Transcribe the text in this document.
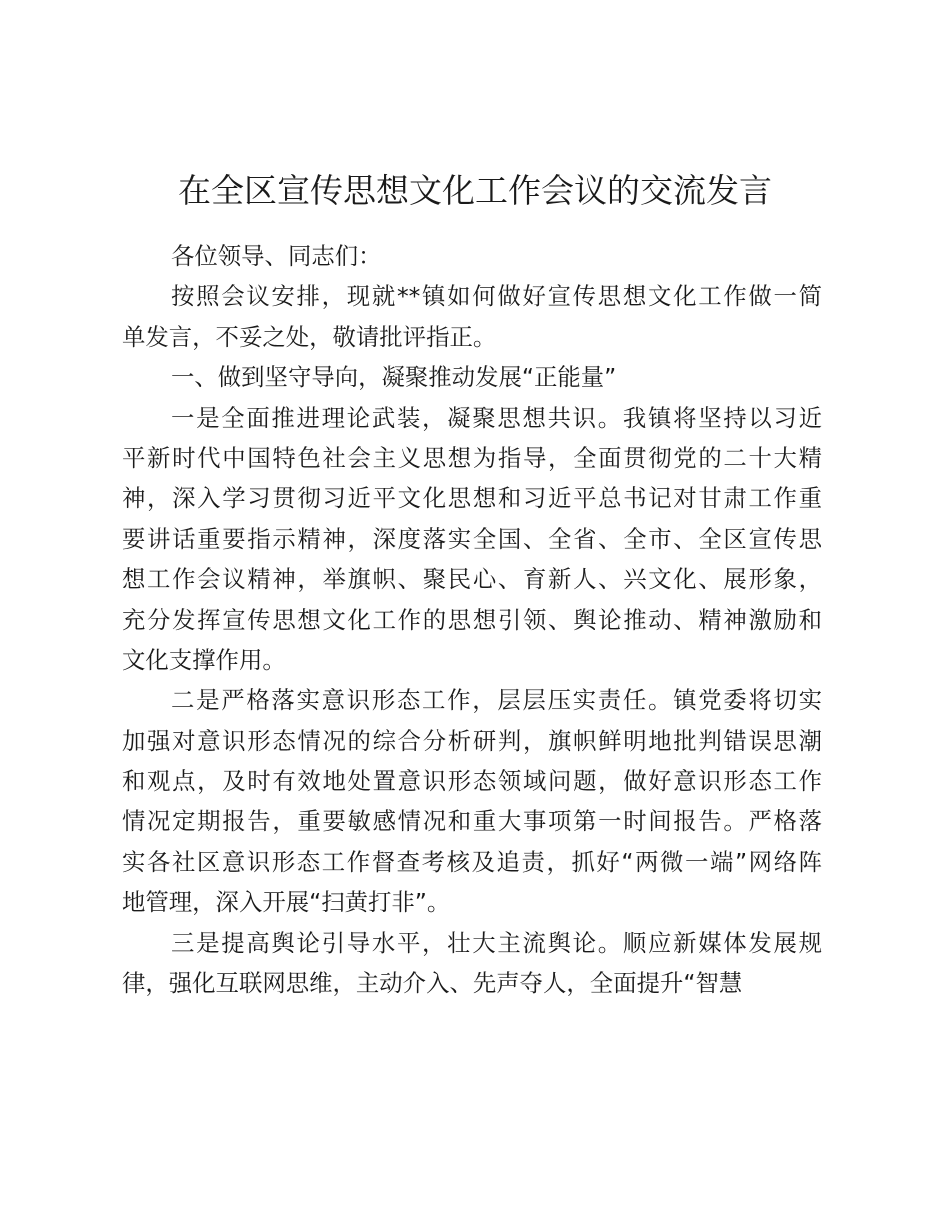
在全区宣传思想文化工作会议的交流发言
各位领导、同志们：
按照会议安排，现就**镇如何做好宣传思想文化工作做一简
单发言，不妥之处，敬请批评指正。
一、做到坚守导向，凝聚推动发展“正能量”
一是全面推进理论武装，凝聚思想共识。我镇将坚持以习近
平新时代中国特色社会主义思想为指导，全面贯彻党的二十大精
神，深入学习贯彻习近平文化思想和习近平总书记对甘肃工作重
要讲话重要指示精神，深度落实全国、全省、全市、全区宣传思
想工作会议精神，举旗帜、聚民心、育新人、兴文化、展形象，
充分发挥宣传思想文化工作的思想引领、舆论推动、精神激励和
文化支撑作用。
二是严格落实意识形态工作，层层压实责任。镇党委将切实
加强对意识形态情况的综合分析研判，旗帜鲜明地批判错误思潮
和观点，及时有效地处置意识形态领域问题，做好意识形态工作
情况定期报告，重要敏感情况和重大事项第一时间报告。严格落
实各社区意识形态工作督查考核及追责，抓好“两微一端”网络阵
地管理，深入开展“扫黄打非”。
三是提高舆论引导水平，壮大主流舆论。顺应新媒体发展规
律，强化互联网思维，主动介入、先声夺人，全面提升“智慧
